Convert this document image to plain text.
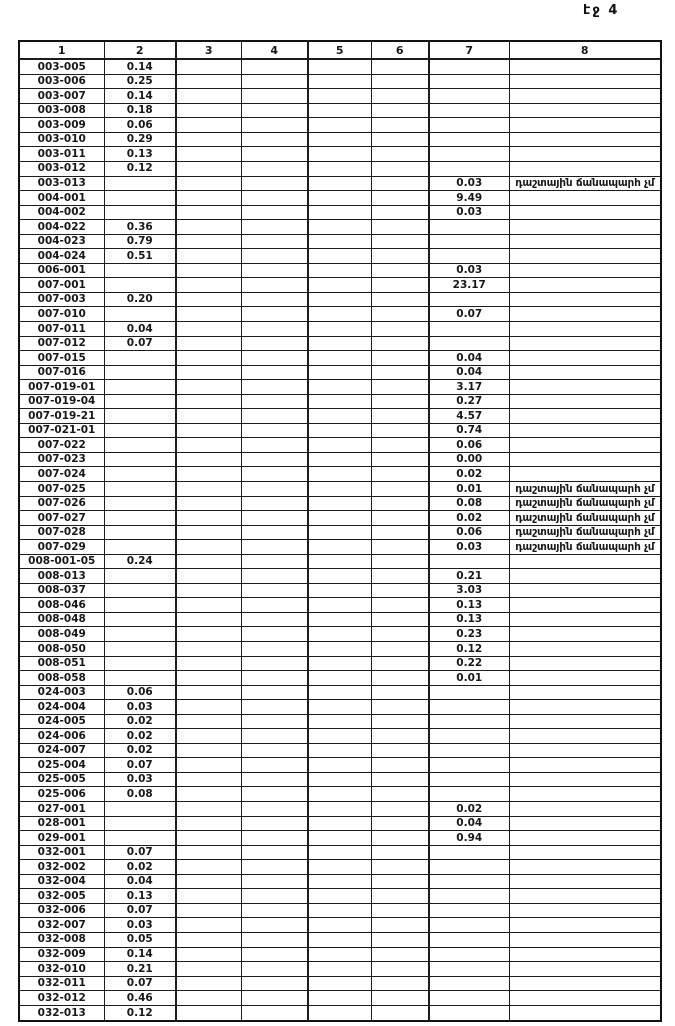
էջ 4
1	2	3	4	5	6	7	8
003-005	0.14						
003-006	0.25						
003-007	0.14						
003-008	0.18						
003-009	0.06						
003-010	0.29						
003-011	0.13						
003-012	0.12						
003-013						0.03	դաշտային ճանապարհ չմ
004-001						9.49	
004-002						0.03	
004-022	0.36						
004-023	0.79						
004-024	0.51						
006-001						0.03	
007-001						23.17	
007-003	0.20						
007-010						0.07	
007-011	0.04						
007-012	0.07						
007-015						0.04	
007-016						0.04	
007-019-01						3.17	
007-019-04						0.27	
007-019-21						4.57	
007-021-01						0.74	
007-022						0.06	
007-023						0.00	
007-024						0.02	
007-025						0.01	դաշտային ճանապարհ չմ
007-026						0.08	դաշտային ճանապարհ չմ
007-027						0.02	դաշտային ճանապարհ չմ
007-028						0.06	դաշտային ճանապարհ չմ
007-029						0.03	դաշտային ճանապարհ չմ
008-001-05	0.24						
008-013						0.21	
008-037						3.03	
008-046						0.13	
008-048						0.13	
008-049						0.23	
008-050						0.12	
008-051						0.22	
008-058						0.01	
024-003	0.06						
024-004	0.03						
024-005	0.02						
024-006	0.02						
024-007	0.02						
025-004	0.07						
025-005	0.03						
025-006	0.08						
027-001						0.02	
028-001						0.04	
029-001						0.94	
032-001	0.07						
032-002	0.02						
032-004	0.04						
032-005	0.13						
032-006	0.07						
032-007	0.03						
032-008	0.05						
032-009	0.14						
032-010	0.21						
032-011	0.07						
032-012	0.46						
032-013	0.12						
